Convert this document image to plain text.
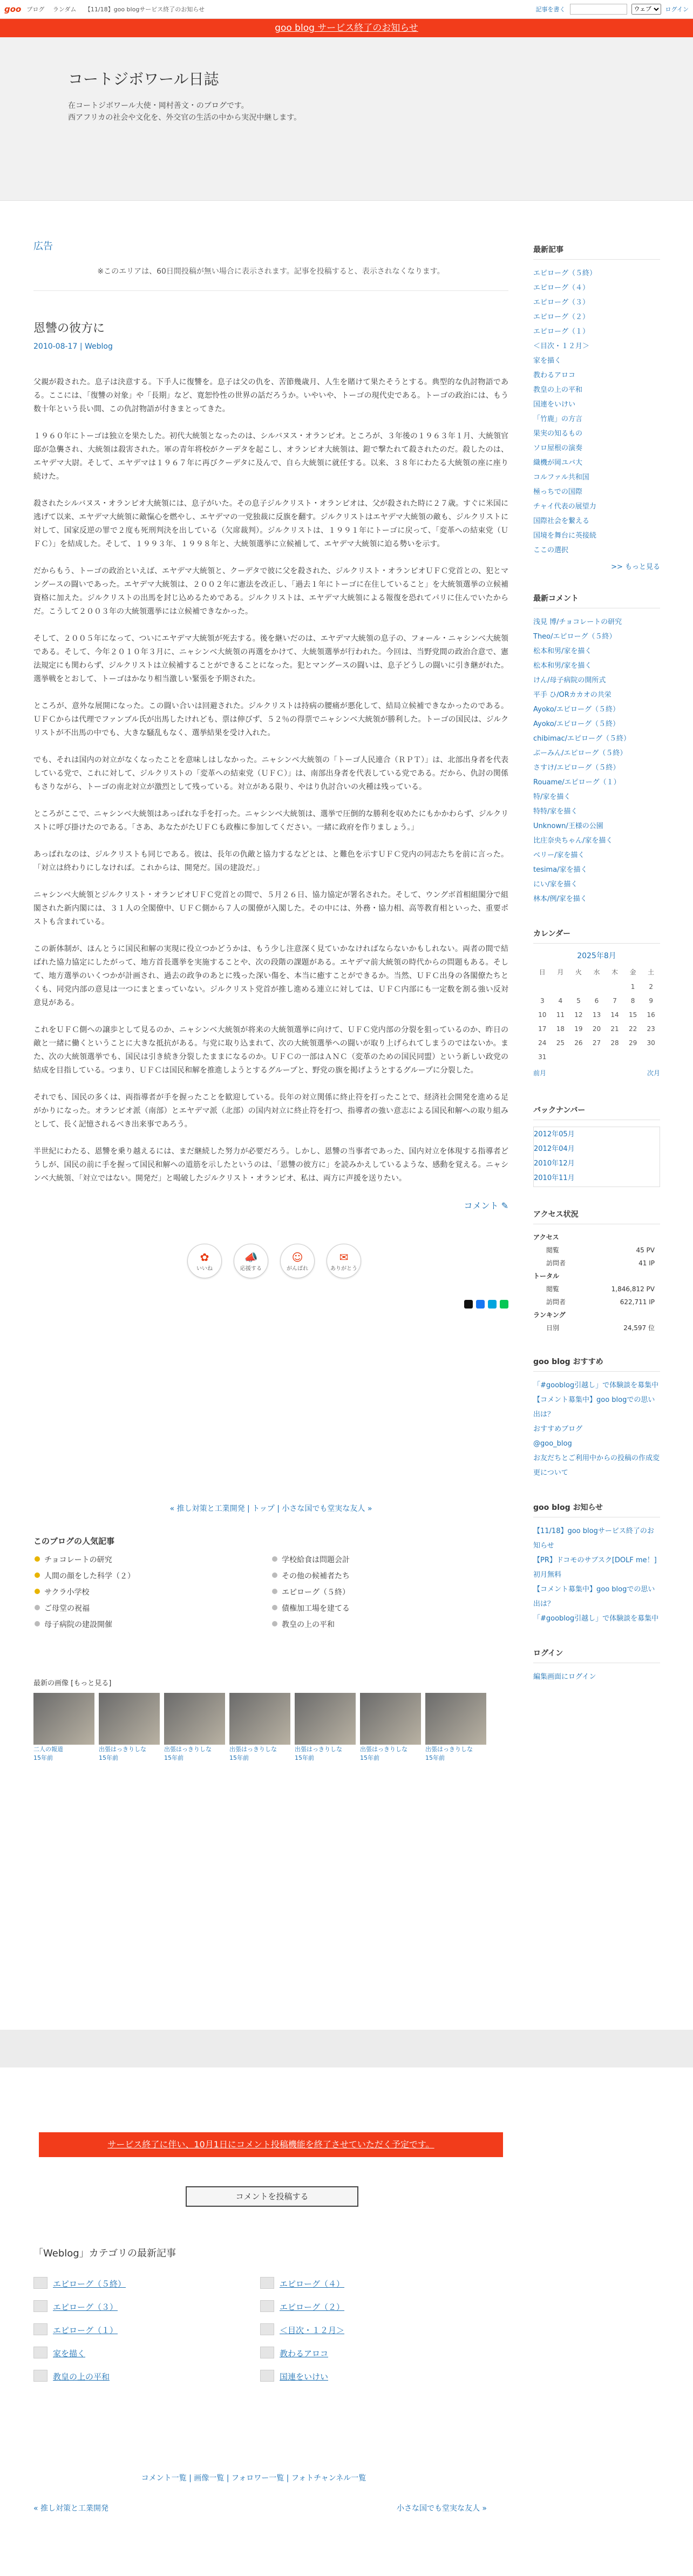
goo ブログ ランダム 【11/18】goo blogサービス終了のお知らせ	記事を書く
ウェブ	ログイン
goo blog サービス終了のお知らせ
コートジボワール日誌

在コートジボワール大使・岡村善文・のブログです。

西アフリカの社会や文化を、外交官の生活の中から実況中継します。

広告
※このエリアは、60日間投稿が無い場合に表示されます。記事を投稿すると、表示されなくなります。
恩讐の彼方に
2010-08-17 | Weblog

父親が殺された。息子は決意する。下手人に復讐を。息子は父の仇を、苦節幾歳月、人生を賭けて果たそうとする。典型的な仇討物語である。ここには、「復讐の対象」や「長期」など、寛恕怜性の世界の話だろうか。いやいや、トーゴの現代史である。トーゴの政治には、もう数十年という長い間、この仇討物語が付きまとってきた。

１９６０年にトーゴは独立を果たした。初代大統領となったのは、シルバヌス・オランピオ。ところが、３年後の１９６３年１月、大統領官邸が急襲され、大統領は殺害された。軍の青年将校がクーデタを起こし、オランピオ大統領は、鎧で撃たれて殺されたのだ。殺したのは、エヤデマ大尉。そして、エヤデマは１９６７年に再びクーデタに及んで、自ら大統領に就任する。以来、３８年にわたる大統領の座に座り続けた。

殺されたシルバヌス・オランピオ大統領には、息子がいた。その息子ジルクリスト・オランピオは、父が殺された時に２７歳。すぐに米国に逃げて以来、エヤデマ大統領に敵愾心を燃やし、エヤデマの一党独裁に反旗を翻す。ジルクリストはエヤデマ大統領の敵も、ジルクリストに対して、国家反逆の罪で２度も死刑判決を出している（欠席裁判）。ジルクリストは、１９９１年にトーゴに戻って、「変革への結束党（ＵＦＣ）」を結成した。そして、１９９３年、１９９８年と、大統領選挙に立候補して、エヤデマ大統領に迫る勢いを示す。

だからもう、トーゴの政治といえば、エヤデマ大統領と、クーデタで彼に父を殺された、ジルクリスト・オランピオＵＦＣ党首との、犯とマングースの闘いであった。エヤデマ大統領は、２００２年に憲法を改正し、「過去１年にトーゴに在住していること」を大統領選挙の立候補資格に加えた。ジルクリストの出馬を封じ込めるためである。ジルクリストは、エヤデマ大統領による報復を恐れてパリに住んでいたからだ。こうして２００３年の大統領選挙には立候補できなかった。

そして、２００５年になって、ついにエヤデマ大統領が死去する。後を継いだのは、エヤデマ大統領の息子の、フォール・ニャシンベ大統領である。そして、今年２０１０年３月に、ニャシンベ大統領の再選をかけて、大統領選挙が行われた。今回は、当野党間の政治合意で、憲法規定にも関わらず、ジルクリストは立候補することができることになった。犯とマングースの闘いは、息子どうしの闘いに引き継がれた。選挙戦をとおして、トーゴはかなり相当激しい緊張を予期された。

ところが、意外な展開になった。この闘い合いは回避された。ジルクリストは持病の腰痛が悪化して、結局立候補できなかったのである。ＵＦＣからは代理でファンブル氏が出馬したけれども、票は伸びず、５２％の得票でニャシンベ大統領が勝利した。トーゴの国民は、ジルクリストが不出馬の中でも、大きな騒乱もなく、選挙結果を受け入れた。

でも、それは国内の対立がなくなったことを意味しはしなかった。ニャシンベ大統領の「トーゴ人民連合（ＲＰＴ）」は、北部出身者を代表している党で、これに対して、ジルクリストの「変革への結束党（ＵＦＣ）」は、南部出身者を代表している党である。だから、仇討の関係もさりながら、トーゴの南北対立が激烈として残っている。対立がある限り、やはり仇討合いの火種は残っている。

ところがここで、ニャシンベ大統領はあっぱれな手を打った。ニャシンベ大統領は、選挙で圧倒的な勝利を収めたにもかかわらず、ジルクリストに呼び掛けたのである。「さあ、あなたがたＵＦＣも政権に参加してください。一緒に政府を作りましょう。」

あっぱれなのは、ジルクリストも同じである。彼は、長年の仇敵と協力するなどとは、と難色を示すＵＦＣ党内の同志たちを前に言った。「対立は終わりにしなければ。これからは、開発だ。国の建設だ。」

ニャシンベ大統領とジルクリスト・オランピオＵＦＣ党首との間で、５月２６日、協力協定が署名された。そして、ウングボ首相組閣分で組閣された新内閣には、３１人の全閣僚中、ＵＦＣ側から７人の閣僚が入閣した。その中には、外務・協力相、高等教育相といった、重要ポストも含まれている。

この新体制が、ほんとうに国民和解の実現に役立つかどうかは、もう少し注意深く見ていかなければならないかもしれない。両者の間で結ばれた協力協定にしたがって、地方首長選挙を実施することや、次の段階の課題がある。エヤデマ前大統領の時代からの問題もある。そして、地方選挙のいくつかが計画され、過去の政争のあとに残った深い傷を、本当に癒すことができるか。当然、ＵＦＣ出身の各閣僚たちとくも、同党内部の意見は一つにまとまっていない。ジルクリスト党首が推し進める連立に対しては、ＵＦＣ内部にも一定数を割る強い反対意見がある。

これをＵＦＣ側への譲歩として見るのか、ニャシンベ大統領が将来の大統領選挙に向けて、ＵＦＣ党内部の分裂を狙っているのか、昨日の敵と一緒に働くということに大きな抵抗がある。与党に取り込まれて、次の大統領選挙への闘いが取り上げられてしまうのではないか。また、次の大統領選挙でも、国民は引き続き分裂したままになるのか。ＵＦＣの一部はＡＮＣ（変革のための国民同盟）という新しい政党の結成を目指している。つまり、ＵＦＣは国民和解を推進しようとするグループと、野党の旗を掲げようとするグループに分裂した。

それでも、国民の多くは、両指導者が手を握ったことを歓迎している。長年の対立関係に終止符を打ったことで、経済社会開発を進める足がかりになった。オランピオ派（南部）とエヤデマ派（北部）の国内対立に終止符を打つ、指導者の強い意志による国民和解への取り組みとして、長く記憶されるべき出来事であろう。

半世紀にわたる、恩讐を乗り越えるには、まだ継続した努力が必要だろう。しかし、恩讐の当事者であった、国内対立を体現する指導者どうしが、国民の前に手を握って国民和解への道筋を示したというのは、「恩讐の彼方に」を読みかえしているような、感動を覚える。ニャシンベ大統領、「対立ではない。開発だ」と喝破したジルクリスト・オランピオ、私は、両方に声援を送りたい。

コメント ✎
✿
いいね
📣
応援する
☺
がんばれ
✉
ありがとう
« 推し対策と工業開発 | トップ | 小さな国でも堂実な友人 »
このブログの人気記事
チョコレートの研究	学校給食は問題会計
人間の顔をした科学（２）	その他の候補者たち
サクラ小学校	エピローグ（５終）
ご母堂の祝福	債権加工場を建てる
母子病院の建設開催	教皇の上の平和
最新の画像 [もっと見る]
二人の報道
15年前
出張はっきりしな
15年前
出張はっきりしな
15年前
出張はっきりしな
15年前
出張はっきりしな
15年前
出張はっきりしな
15年前
出張はっきりしな
15年前
最新記事
エピローグ（５終）
エピローグ（４）
エピローグ（３）
エピローグ（２）
エピローグ（１）
＜目次・１２月＞
家を描く
教わるアロコ
教皇の上の平和
国連をいけい
「竹鹿」の方言
果実の知るもの
ソロ屋根の演奏
織機が岡ユバ大
コルファル共和国
極っちでの国際
チャイ代表の展望力
国際社会を繋える
国境を舞台に英接続
ここの選択
>> もっと見る
最新コメント
浅見 博/チョコレートの研究
Theo/エピローグ（５終）
松本和男/家を描く
松本和男/家を描く
けん/母子病院の開所式
平手 ひ/ORカカオの共栄
Ayoko/エピローグ（５終）
Ayoko/エピローグ（５終）
chibimac/エピローグ（５終）
ぶーみん/エピローグ（５終）
さすけ/エピローグ（５終）
Rouame/エピローグ（１）
特/家を描く
特特/家を描く
Unknown/王様の公園
比庄奈央ちゃん/家を描く
ベリー/家を描く
tesima/家を描く
にい/家を描く
林本/例/家を描く
カレンダー
2025年8月
日	月	火	水	木	金	土
					1	2
3	4	5	6	7	8	9
10	11	12	13	14	15	16
17	18	19	20	21	22	23
24	25	26	27	28	29	30
31						
前月	次月
バックナンバー
2012年05月
2012年04月
2010年12月
2010年11月
アクセス状況
アクセス
閲覧	45 PV
訪問者	41 IP
トータル
閲覧	1,846,812 PV
訪問者	622,711 IP
ランキング
日別	24,597 位
goo blog おすすめ
「#gooblog引越し」で体験談を募集中
【コメント募集中】goo blogでの思い出は？
おすすめブログ
@goo_blog
お友だちとご利用中からの投稿の作成変更について
goo blog お知らせ
【11/18】goo blogサービス終了のお知らせ
【PR】ドコモのサブスク[DOLF me！] 初月無料
【コメント募集中】goo blogでの思い出は？
「#gooblog引越し」で体験談を募集中
ログイン
編集画面にログイン
サービス終了に伴い、10月1日にコメント投稿機能を終了させていただく予定です。
コメントを投稿する
「Weblog」カテゴリの最新記事
エピローグ（５終）	エピローグ（４）
エピローグ（３）	エピローグ（２）
エピローグ（１）	＜目次・１２月＞
家を描く	教わるアロコ
教皇の上の平和	国連をいけい
コメント一覧 | 画像一覧 | フォロワー一覧 | フォトチャンネル一覧
« 推し対策と工業開発	小さな国でも堂実な友人 »
